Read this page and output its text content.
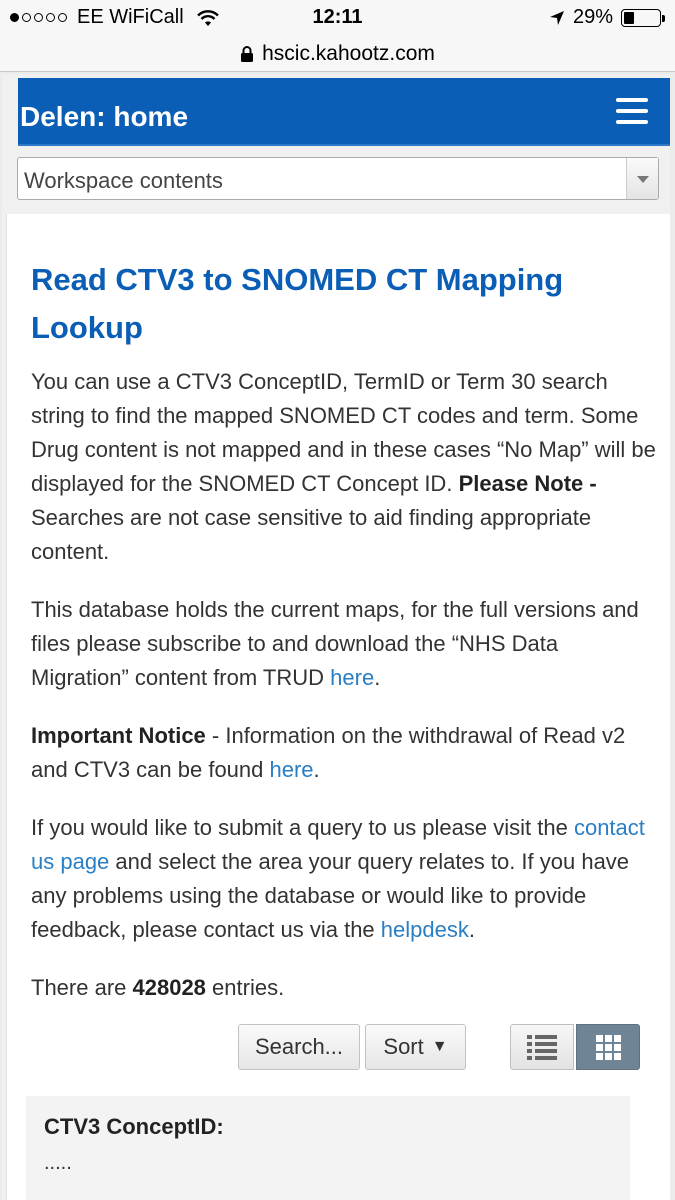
EE WiFiCall	12:11	29%
hscic.kahootz.com
Delen: home
Workspace contents
Read CTV3 to SNOMED CT Mapping Lookup

You can use a CTV3 ConceptID, TermID or Term 30 search string to find the mapped SNOMED CT codes and term. Some Drug content is not mapped and in these cases “No Map” will be displayed for the SNOMED CT Concept ID. Please Note - Searches are not case sensitive to aid finding appropriate content.

This database holds the current maps, for the full versions and files please subscribe to and download the “NHS Data Migration” content from TRUD here.

Important Notice - Information on the withdrawal of Read v2 and CTV3 can be found here.

If you would like to submit a query to us please visit the contact us page and select the area your query relates to. If you have any problems using the database or would like to provide feedback, please contact us via the helpdesk.

There are 428028 entries.

Search... Sort ▼
CTV3 ConceptID:
.....
